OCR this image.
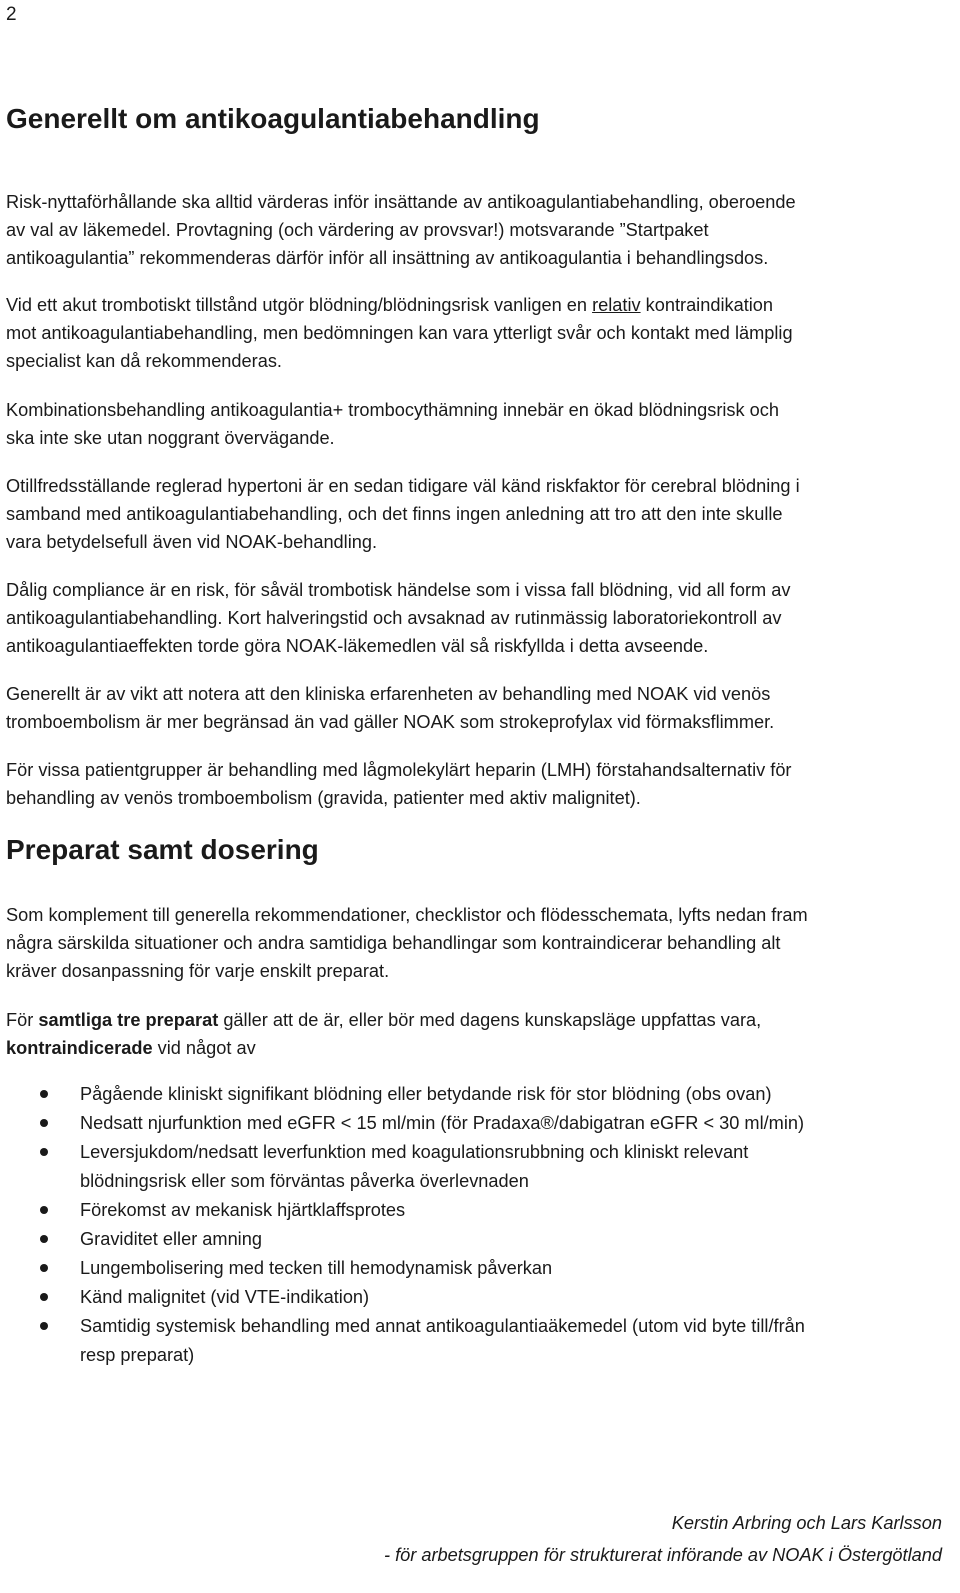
2
Generellt om antikoagulantiabehandling

Risk-nyttaförhållande ska alltid värderas inför insättande av antikoagulantiabehandling, oberoende
av val av läkemedel. Provtagning (och värdering av provsvar!) motsvarande ”Startpaket
antikoagulantia” rekommenderas därför inför all insättning av antikoagulantia i behandlingsdos.

Vid ett akut trombotiskt tillstånd utgör blödning/blödningsrisk vanligen en relativ kontraindikation
mot antikoagulantiabehandling, men bedömningen kan vara ytterligt svår och kontakt med lämplig
specialist kan då rekommenderas.

Kombinationsbehandling antikoagulantia+ trombocythämning innebär en ökad blödningsrisk och
ska inte ske utan noggrant övervägande.

Otillfredsställande reglerad hypertoni är en sedan tidigare väl känd riskfaktor för cerebral blödning i
samband med antikoagulantiabehandling, och det finns ingen anledning att tro att den inte skulle
vara betydelsefull även vid NOAK-behandling.

Dålig compliance är en risk, för såväl trombotisk händelse som i vissa fall blödning, vid all form av
antikoagulantiabehandling. Kort halveringstid och avsaknad av rutinmässig laboratoriekontroll av
antikoagulantiaeffekten torde göra NOAK-läkemedlen väl så riskfyllda i detta avseende.

Generellt är av vikt att notera att den kliniska erfarenheten av behandling med NOAK vid venös
tromboembolism är mer begränsad än vad gäller NOAK som strokeprofylax vid förmaksflimmer.

För vissa patientgrupper är behandling med lågmolekylärt heparin (LMH) förstahandsalternativ för
behandling av venös tromboembolism (gravida, patienter med aktiv malignitet).

Preparat samt dosering

Som komplement till generella rekommendationer, checklistor och flödesschemata, lyfts nedan fram
några särskilda situationer och andra samtidiga behandlingar som kontraindicerar behandling alt
kräver dosanpassning för varje enskilt preparat.

För samtliga tre preparat gäller att de är, eller bör med dagens kunskapsläge uppfattas vara,
kontraindicerade vid något av

Pågående kliniskt signifikant blödning eller betydande risk för stor blödning (obs ovan)
Nedsatt njurfunktion med eGFR < 15 ml/min (för Pradaxa®/dabigatran eGFR < 30 ml/min)
Leversjukdom/nedsatt leverfunktion med koagulationsrubbning och kliniskt relevant
blödningsrisk eller som förväntas påverka överlevnaden
Förekomst av mekanisk hjärtklaffsprotes
Graviditet eller amning
Lungembolisering med tecken till hemodynamisk påverkan
Känd malignitet (vid VTE-indikation)
Samtidig systemisk behandling med annat antikoagulantiaäkemedel (utom vid byte till/från
resp preparat)
Kerstin Arbring och Lars Karlsson
- för arbetsgruppen för strukturerat införande av NOAK i Östergötland
